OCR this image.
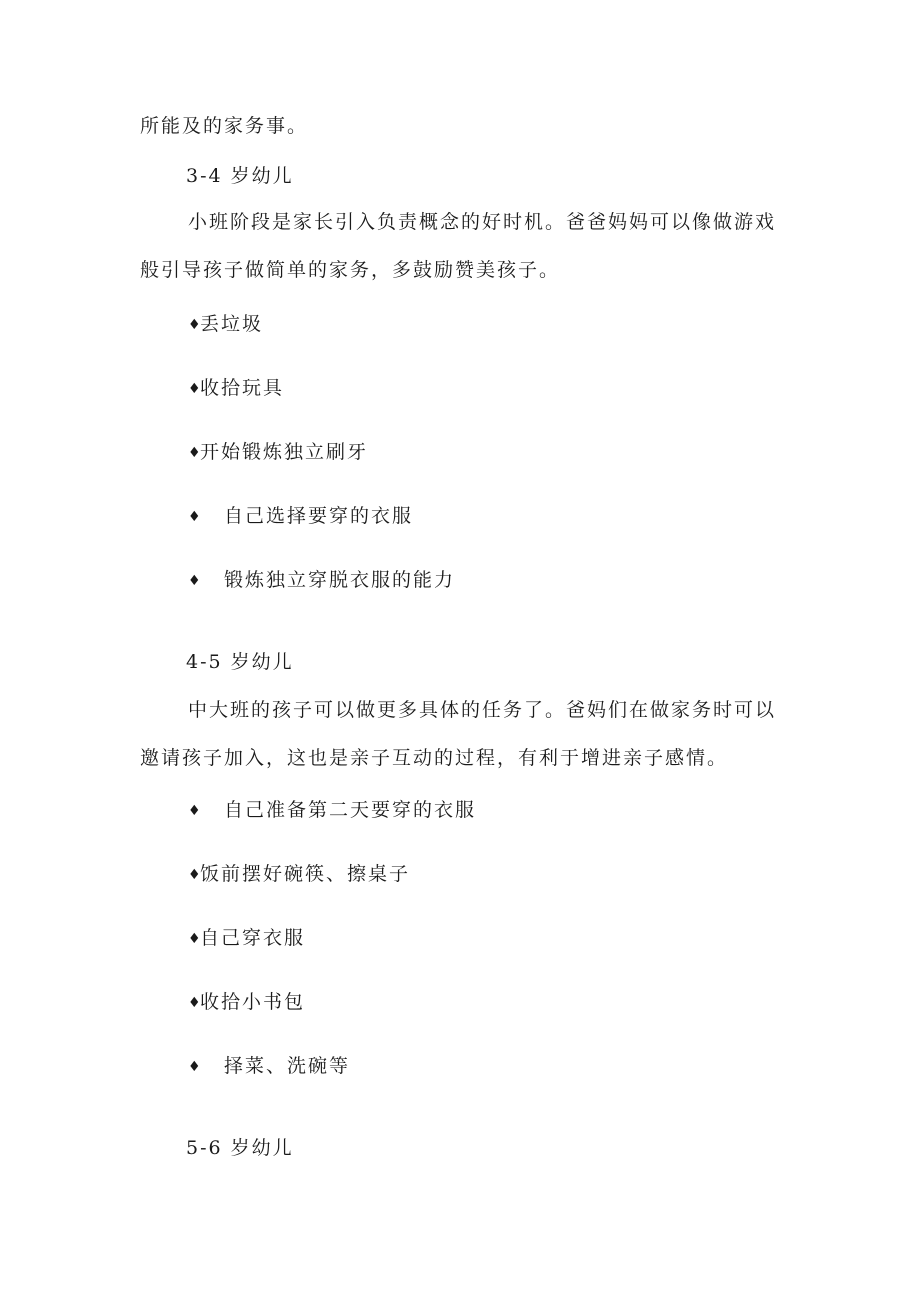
所能及的家务事。
3-4 岁幼儿
小班阶段是家长引入负责概念的好时机。爸爸妈妈可以像做游戏
般引导孩子做简单的家务，多鼓励赞美孩子。
♦丢垃圾
♦收拾玩具
♦开始锻炼独立刷牙
♦ 自己选择要穿的衣服
♦ 锻炼独立穿脱衣服的能力
4-5 岁幼儿
中大班的孩子可以做更多具体的任务了。爸妈们在做家务时可以
邀请孩子加入，这也是亲子互动的过程，有利于增进亲子感情。
♦ 自己准备第二天要穿的衣服
♦饭前摆好碗筷、擦桌子
♦自己穿衣服
♦收拾小书包
♦ 择菜、洗碗等
5-6 岁幼儿
